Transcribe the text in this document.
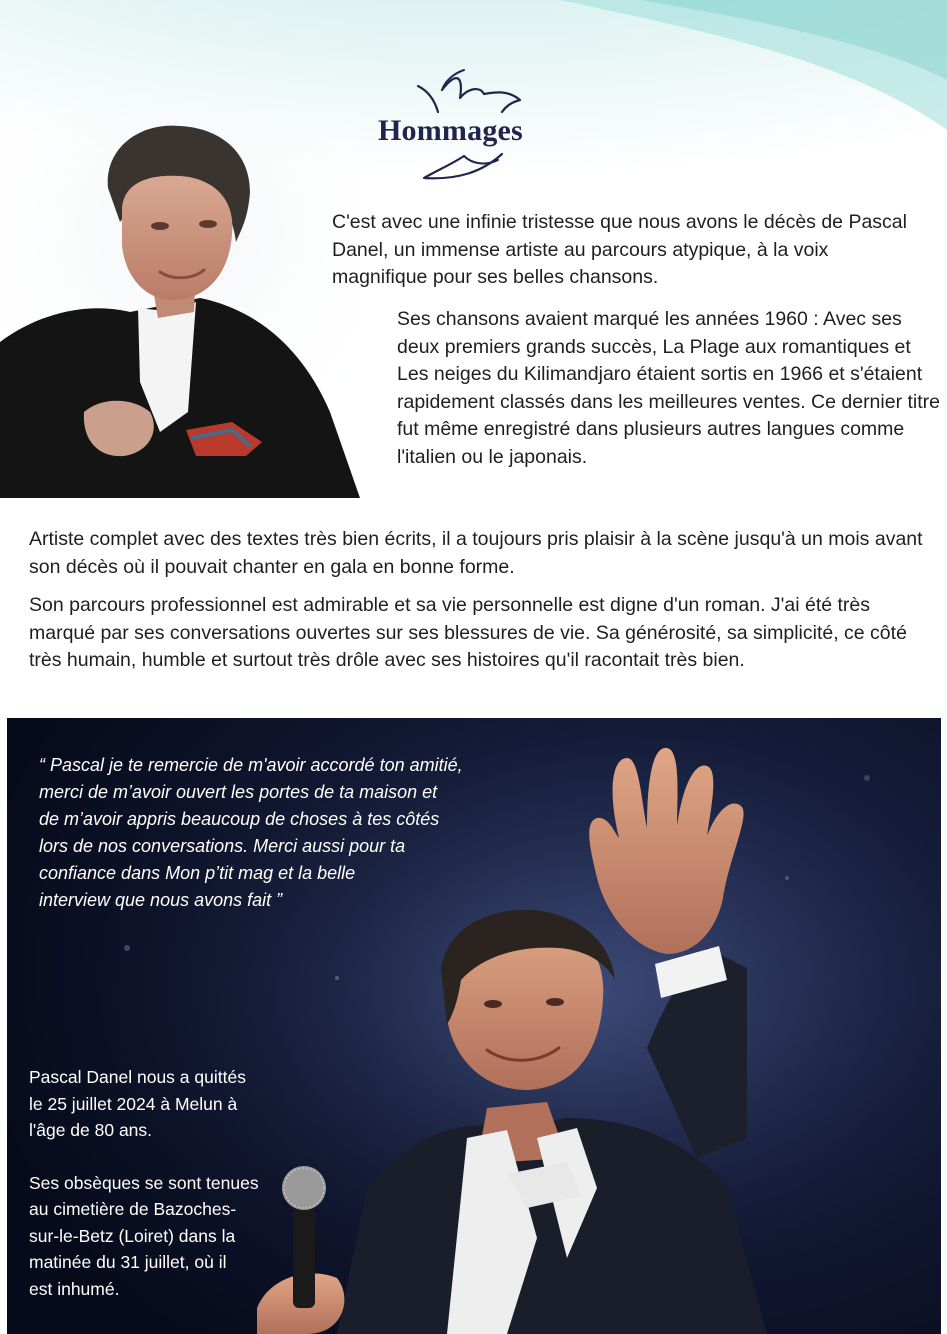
Hommages

C'est avec une infinie tristesse que nous avons le décès de Pascal Danel, un immense artiste au parcours atypique, à la voix magnifique pour ses belles chansons.

Ses chansons avaient marqué les années 1960 : Avec ses deux premiers grands succès, La Plage aux romantiques et Les neiges du Kilimandjaro étaient sortis en 1966 et s'étaient rapidement classés dans les meilleures ventes. Ce dernier titre fut même enregistré dans plusieurs autres langues comme l'italien ou le japonais.

Artiste complet avec des textes très bien écrits, il a toujours pris plaisir à la scène jusqu'à un mois avant son décès où il pouvait chanter en gala en bonne forme.

Son parcours professionnel est admirable et sa vie personnelle est digne d'un roman. J'ai été très marqué par ses conversations ouvertes sur ses blessures de vie. Sa générosité, sa simplicité, ce côté très humain, humble et surtout très drôle avec ses histoires qu'il racontait très bien.

“ Pascal je te remercie de m'avoir accordé ton amitié,
merci de m’avoir ouvert les portes de ta maison et
de m’avoir appris beaucoup de choses à tes côtés
lors de nos conversations. Merci aussi pour ta
confiance dans Mon p’tit mag et la belle
interview que nous avons fait ”
Pascal Danel nous a quittés
le 25 juillet 2024 à Melun à
l'âge de 80 ans.
Ses obsèques se sont tenues
au cimetière de Bazoches-
sur-le-Betz (Loiret) dans la
matinée du 31 juillet, où il
est inhumé.
